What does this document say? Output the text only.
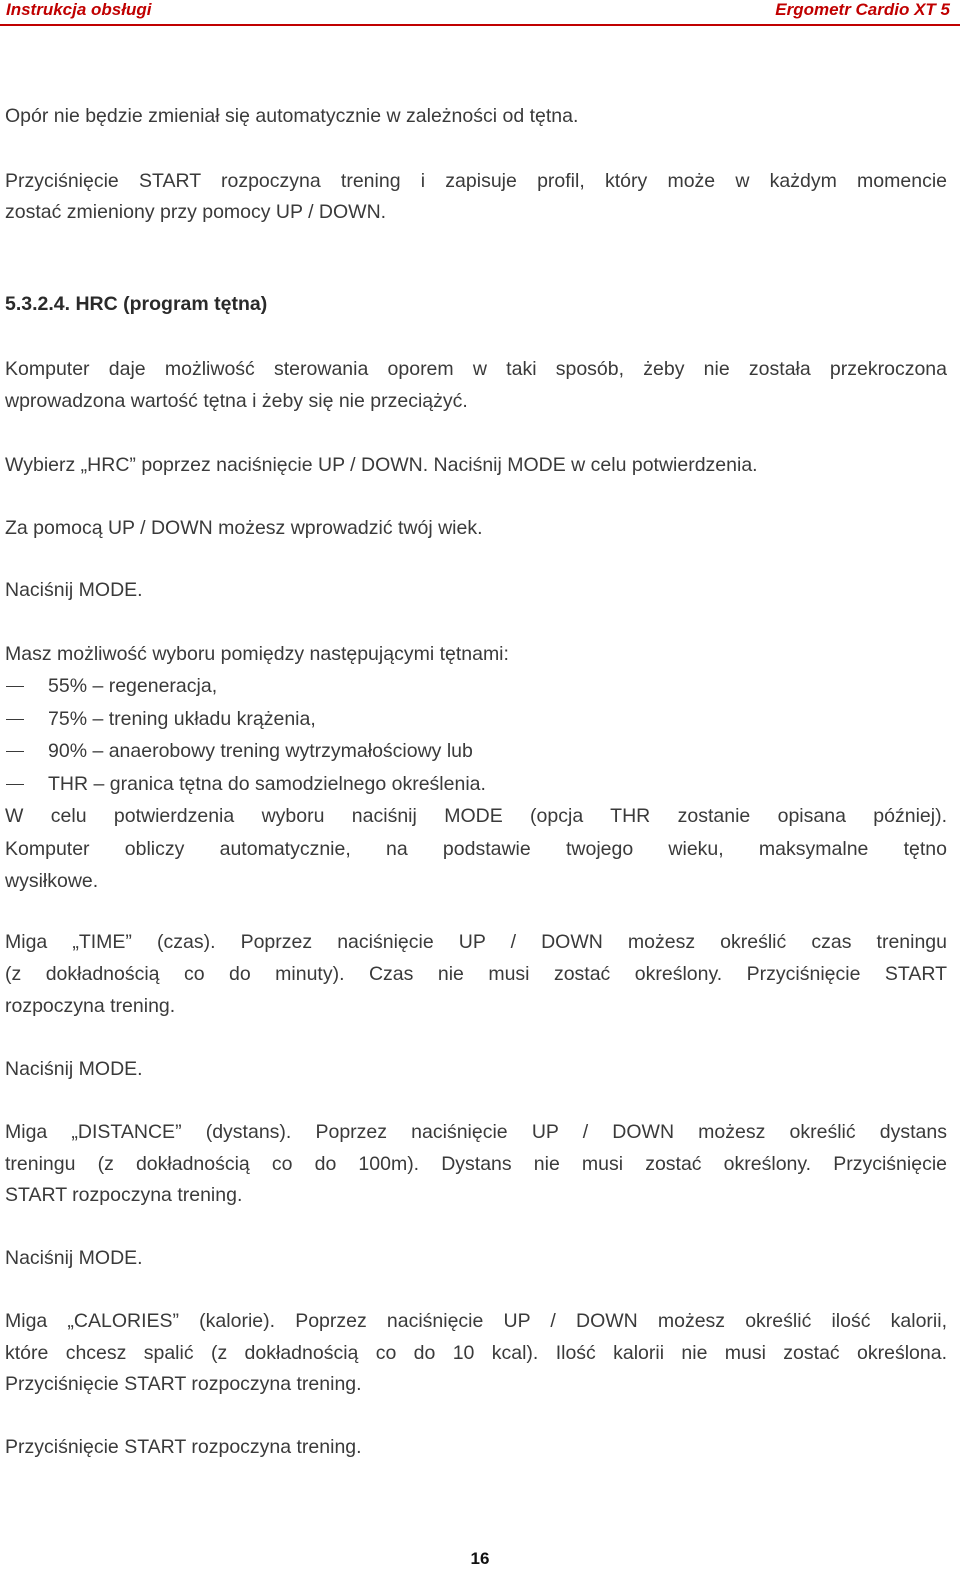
Instrukcja obsługi	Ergometr Cardio XT 5
Opór nie będzie zmieniał się automatycznie w zależności od tętna.
Przyciśnięcie START rozpoczyna trening i zapisuje profil, który może w każdym momencie
zostać zmieniony przy pomocy UP / DOWN.
5.3.2.4. HRC (program tętna)
Komputer daje możliwość sterowania oporem w taki sposób, żeby nie została przekroczona
wprowadzona wartość tętna i żeby się nie przeciążyć.
Wybierz „HRC” poprzez naciśnięcie UP / DOWN. Naciśnij MODE w celu potwierdzenia.
Za pomocą UP / DOWN możesz wprowadzić twój wiek.
Naciśnij MODE.
Masz możliwość wyboru pomiędzy następującymi tętnami:
55% – regeneracja,
75% – trening układu krążenia,
90% – anaerobowy trening wytrzymałościowy lub
THR – granica tętna do samodzielnego określenia.
W celu potwierdzenia wyboru naciśnij MODE (opcja THR zostanie opisana później).
Komputer obliczy automatycznie, na podstawie twojego wieku, maksymalne tętno
wysiłkowe.
Miga „TIME” (czas). Poprzez naciśnięcie UP / DOWN możesz określić czas treningu
(z dokładnością co do minuty). Czas nie musi zostać określony. Przyciśnięcie START
rozpoczyna trening.
Naciśnij MODE.
Miga „DISTANCE” (dystans). Poprzez naciśnięcie UP / DOWN możesz określić dystans
treningu (z dokładnością co do 100m). Dystans nie musi zostać określony. Przyciśnięcie
START rozpoczyna trening.
Naciśnij MODE.
Miga „CALORIES” (kalorie). Poprzez naciśnięcie UP / DOWN możesz określić ilość kalorii,
które chcesz spalić (z dokładnością co do 10 kcal). Ilość kalorii nie musi zostać określona.
Przyciśnięcie START rozpoczyna trening.
Przyciśnięcie START rozpoczyna trening.
16
